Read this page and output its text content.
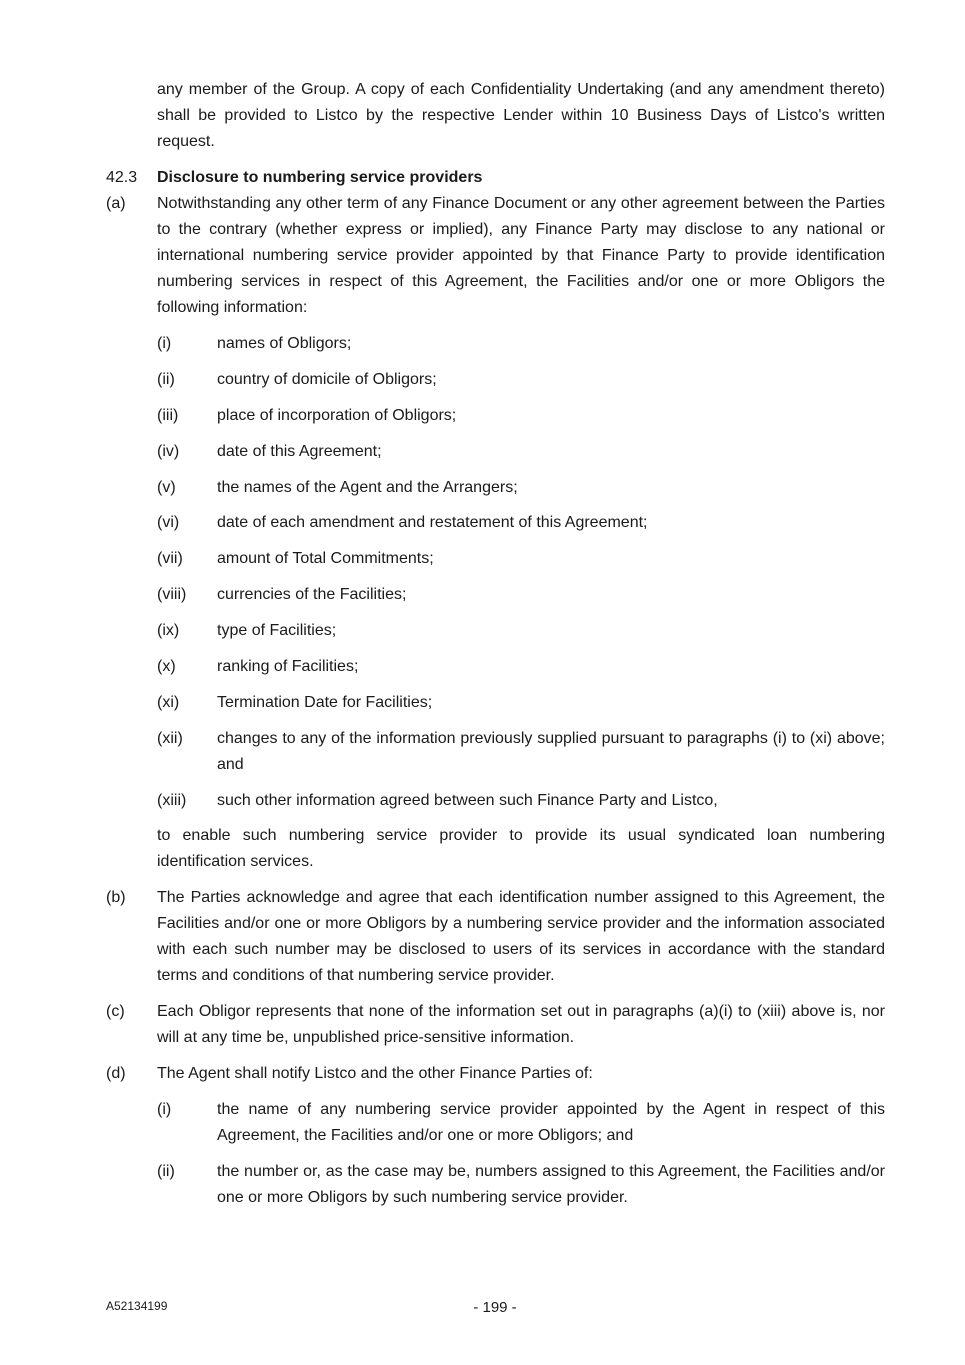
any member of the Group. A copy of each Confidentiality Undertaking (and any amendment thereto) shall be provided to Listco by the respective Lender within 10 Business Days of Listco's written request.

42.3 Disclosure to numbering service providers
(a) Notwithstanding any other term of any Finance Document or any other agreement between the Parties to the contrary (whether express or implied), any Finance Party may disclose to any national or international numbering service provider appointed by that Finance Party to provide identification numbering services in respect of this Agreement, the Facilities and/or one or more Obligors the following information:

(i)	names of Obligors;
(ii)	country of domicile of Obligors;
(iii) place of incorporation of Obligors;
(iv) date of this Agreement;
(v)	the names of the Agent and the Arrangers;
(vi) date of each amendment and restatement of this Agreement;
(vii) amount of Total Commitments;
(viii) currencies of the Facilities;
(ix) type of Facilities;
(x)	ranking of Facilities;
(xi) Termination Date for Facilities;
(xii) changes to any of the information previously supplied pursuant to paragraphs (i) to (xi) above; and
(xiii) such other information agreed between such Finance Party and Listco,

to enable such numbering service provider to provide its usual syndicated loan numbering identification services.

(b) The Parties acknowledge and agree that each identification number assigned to this Agreement, the Facilities and/or one or more Obligors by a numbering service provider and the information associated with each such number may be disclosed to users of its services in accordance with the standard terms and conditions of that numbering service provider.

(c) Each Obligor represents that none of the information set out in paragraphs (a)(i) to (xiii) above is, nor will at any time be, unpublished price-sensitive information.

(d) The Agent shall notify Listco and the other Finance Parties of:

(i)	the name of any numbering service provider appointed by the Agent in respect of this Agreement, the Facilities and/or one or more Obligors; and
(ii)	the number or, as the case may be, numbers assigned to this Agreement, the Facilities and/or one or more Obligors by such numbering service provider.
A52134199	- 199 -
